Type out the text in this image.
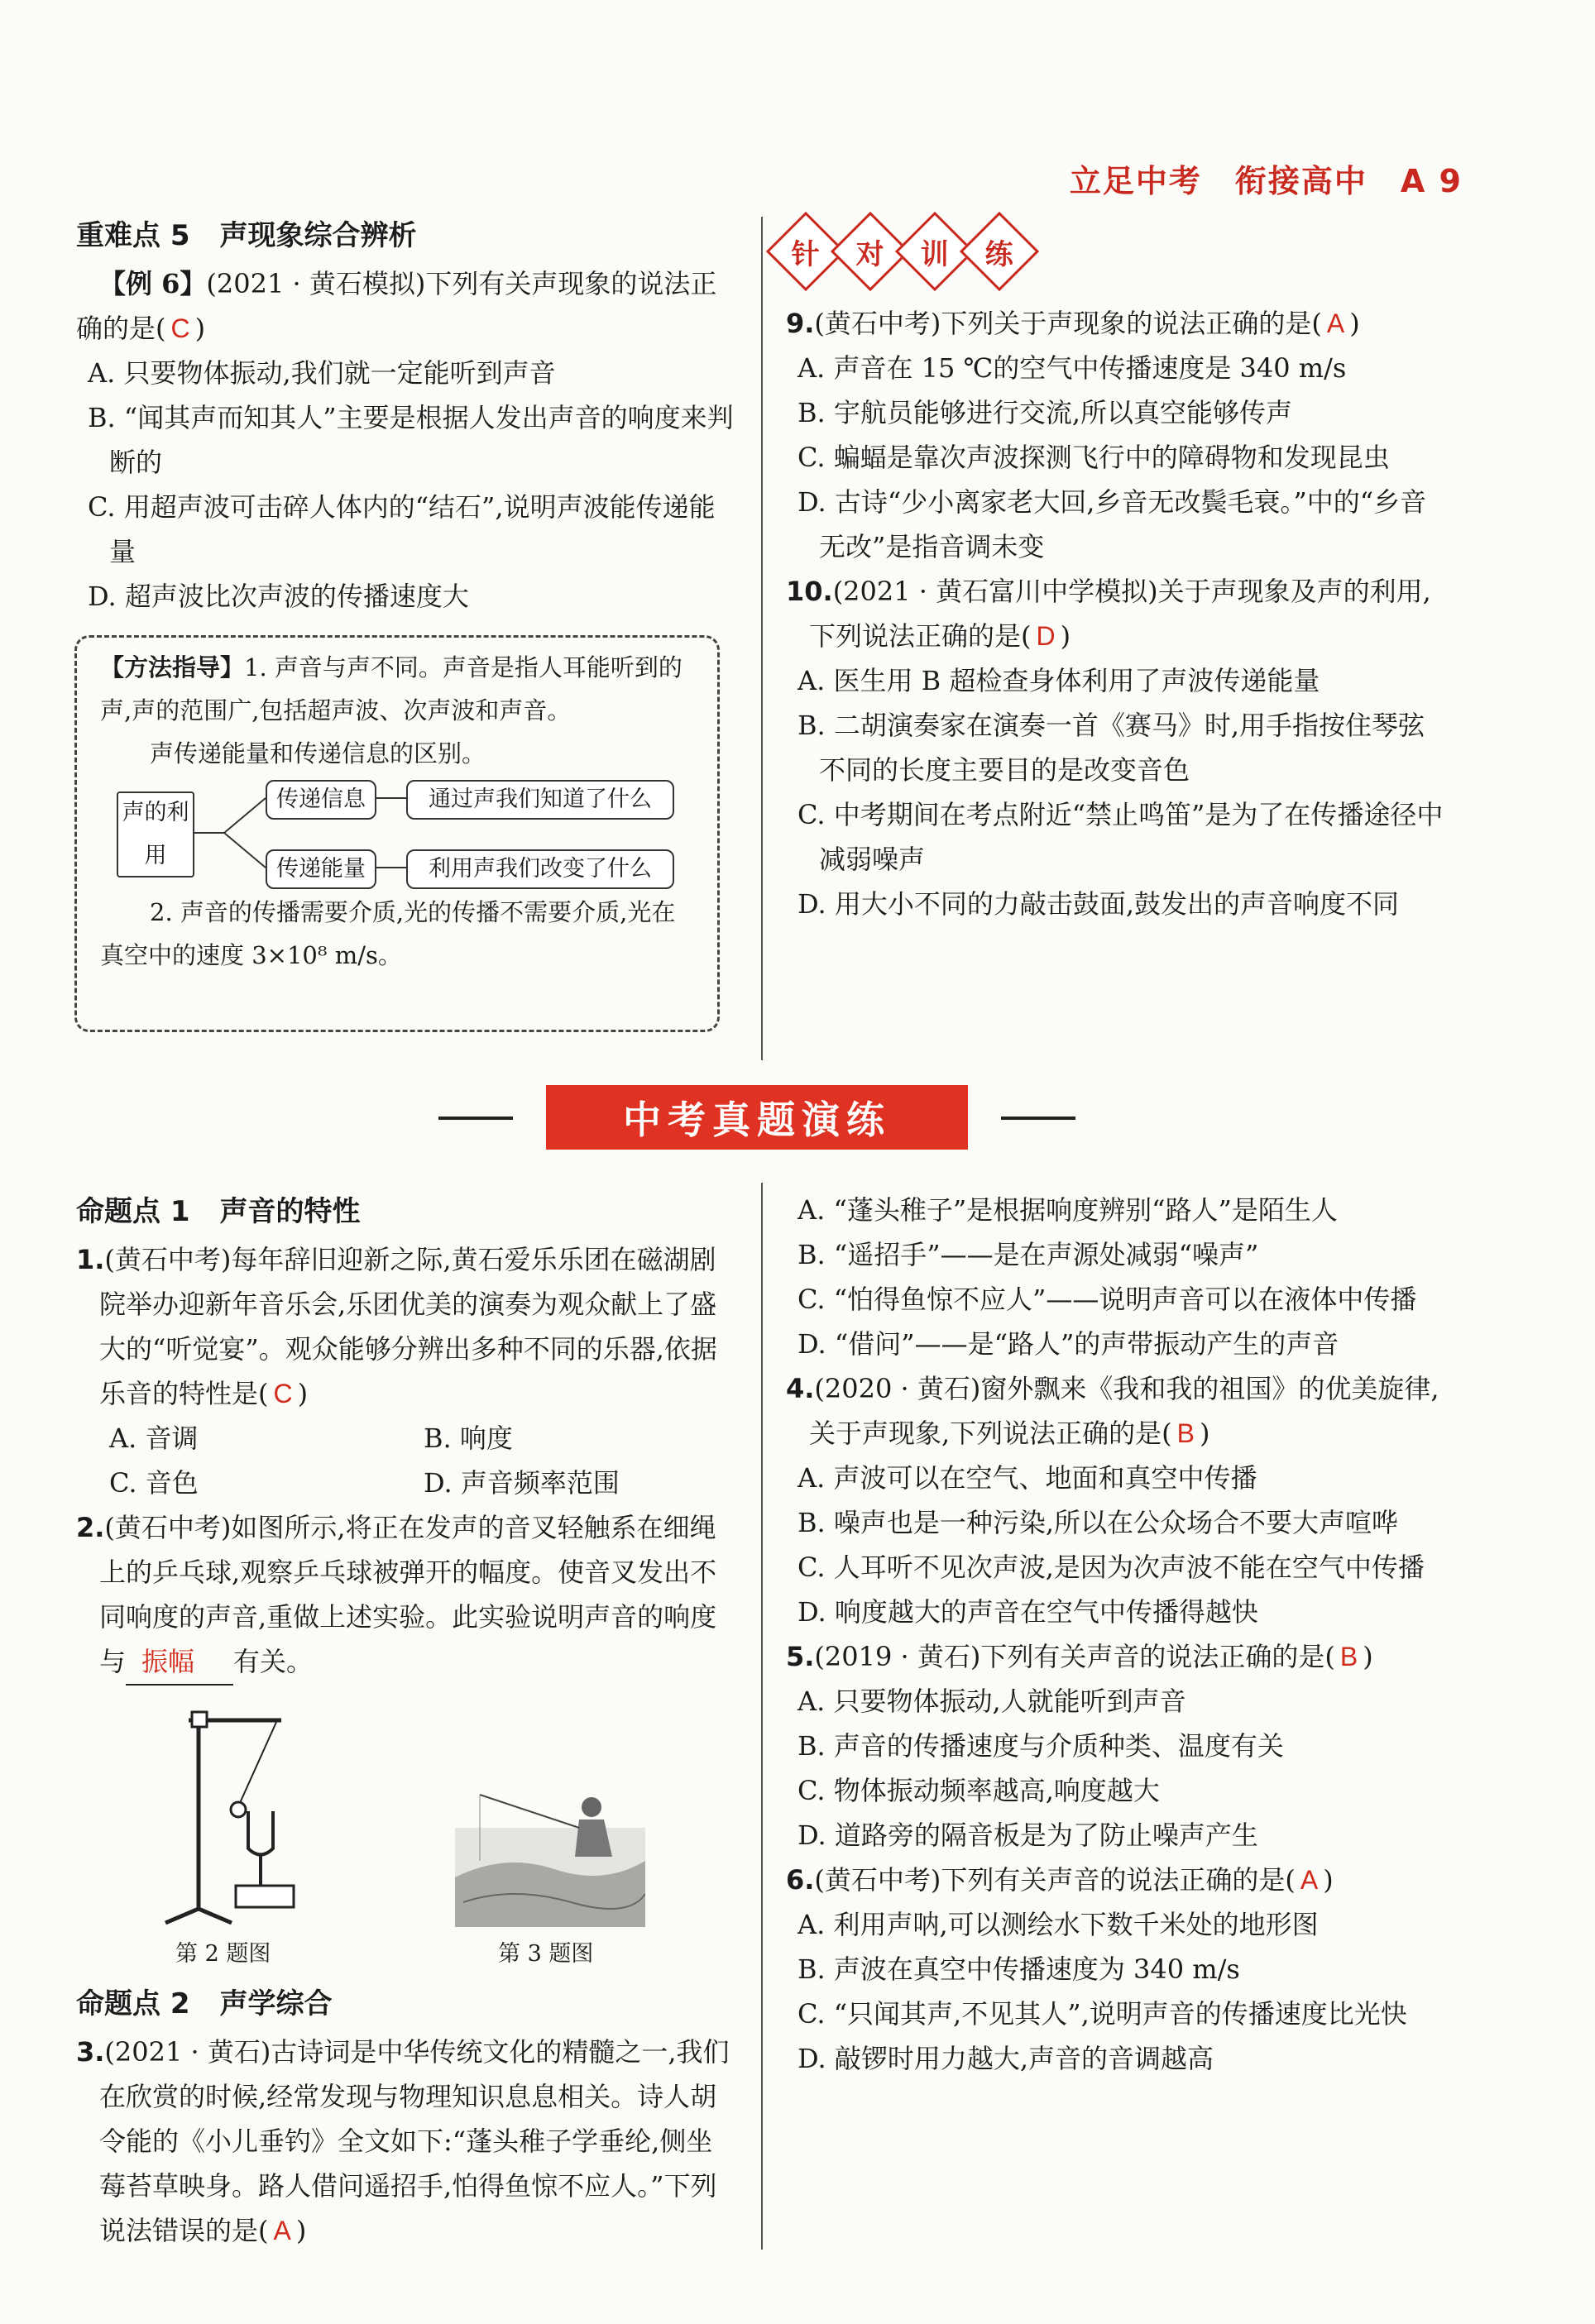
立足中考　衔接高中 A 9
重难点 5 声现象综合辨析

【例 6】(2021 · 黄石模拟)下列有关声现象的说法正确的是( C )

A. 只要物体振动,我们就一定能听到声音

B. “闻其声而知其人”主要是根据人发出声音的响度来判断的

C. 用超声波可击碎人体内的“结石”,说明声波能传递能量

D. 超声波比次声波的传播速度大

【方法指导】1. 声音与声不同。声音是指人耳能听到的声,声的范围广,包括超声波、次声波和声音。

声传递能量和传递信息的区别。

声的利用
传递信息
传递能量
通过声我们知道了什么
利用声我们改变了什么

2. 声音的传播需要介质,光的传播不需要介质,光在真空中的速度 3×10⁸ m/s。

针 对 训 练

9.(黄石中考)下列关于声现象的说法正确的是( A )

A. 声音在 15 ℃的空气中传播速度是 340 m/s

B. 宇航员能够进行交流,所以真空能够传声

C. 蝙蝠是靠次声波探测飞行中的障碍物和发现昆虫

D. 古诗“少小离家老大回,乡音无改鬓毛衰。”中的“乡音无改”是指音调未变

10.(2021 · 黄石富川中学模拟)关于声现象及声的利用,下列说法正确的是( D )

A. 医生用 B 超检查身体利用了声波传递能量

B. 二胡演奏家在演奏一首《赛马》时,用手指按住琴弦不同的长度主要目的是改变音色

C. 中考期间在考点附近“禁止鸣笛”是为了在传播途径中减弱噪声

D. 用大小不同的力敲击鼓面,鼓发出的声音响度不同

中考真题演练
命题点 1 声音的特性

1.(黄石中考)每年辞旧迎新之际,黄石爱乐乐团在磁湖剧院举办迎新年音乐会,乐团优美的演奏为观众献上了盛大的“听觉宴”。观众能够分辨出多种不同的乐器,依据乐音的特性是( C )

A. 音调	B. 响度
C. 音色	D. 声音频率范围

2.(黄石中考)如图所示,将正在发声的音叉轻触系在细绳上的乒乓球,观察乒乓球被弹开的幅度。使音叉发出不同响度的声音,重做上述实验。此实验说明声音的响度与 振幅 有关。

第 2 题图	第 3 题图
命题点 2 声学综合

3.(2021 · 黄石)古诗词是中华传统文化的精髓之一,我们在欣赏的时候,经常发现与物理知识息息相关。诗人胡令能的《小儿垂钓》全文如下:“蓬头稚子学垂纶,侧坐莓苔草映身。路人借问遥招手,怕得鱼惊不应人。”下列说法错误的是( A )

A. “蓬头稚子”是根据响度辨别“路人”是陌生人

B. “遥招手”——是在声源处减弱“噪声”

C. “怕得鱼惊不应人”——说明声音可以在液体中传播

D. “借问”——是“路人”的声带振动产生的声音

4.(2020 · 黄石)窗外飘来《我和我的祖国》的优美旋律,关于声现象,下列说法正确的是( B )

A. 声波可以在空气、地面和真空中传播

B. 噪声也是一种污染,所以在公众场合不要大声喧哗

C. 人耳听不见次声波,是因为次声波不能在空气中传播

D. 响度越大的声音在空气中传播得越快

5.(2019 · 黄石)下列有关声音的说法正确的是( B )

A. 只要物体振动,人就能听到声音

B. 声音的传播速度与介质种类、温度有关

C. 物体振动频率越高,响度越大

D. 道路旁的隔音板是为了防止噪声产生

6.(黄石中考)下列有关声音的说法正确的是( A )

A. 利用声呐,可以测绘水下数千米处的地形图

B. 声波在真空中传播速度为 340 m/s

C. “只闻其声,不见其人”,说明声音的传播速度比光快

D. 敲锣时用力越大,声音的音调越高
